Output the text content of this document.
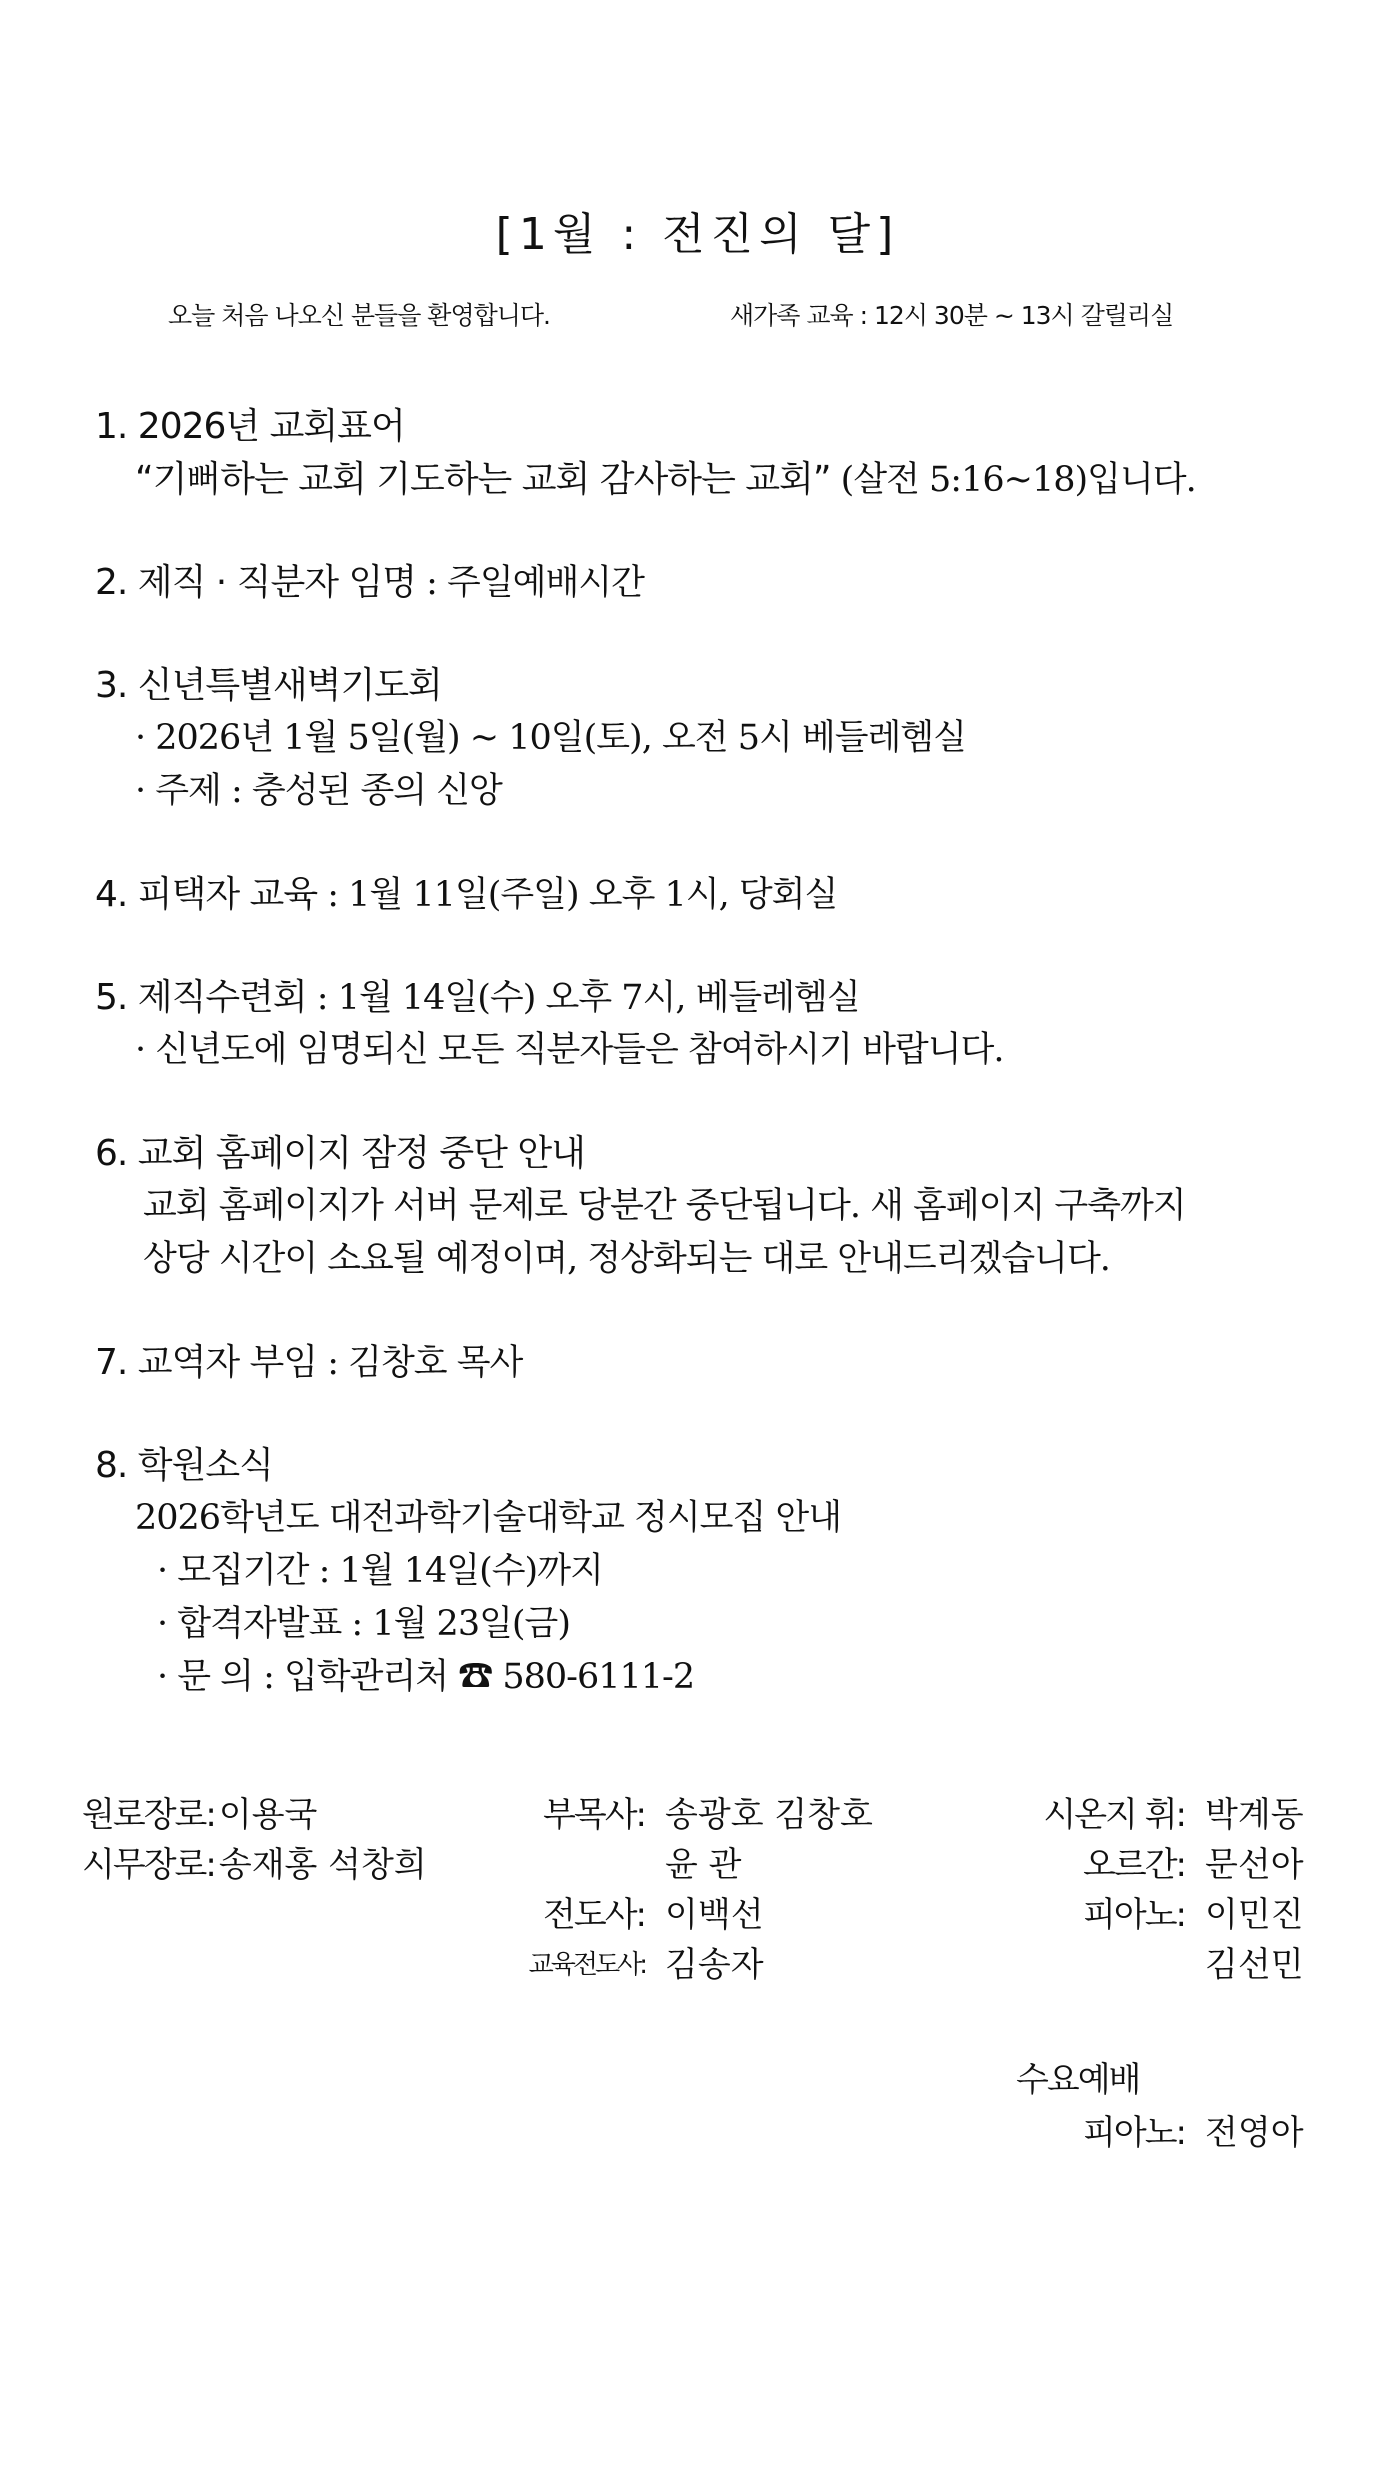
[1월 : 전진의 달]
오늘 처음 나오신 분들을 환영합니다.	새가족 교육 : 12시 30분 ~ 13시 갈릴리실
1. 2026년 교회표어
“기뻐하는 교회 기도하는 교회 감사하는 교회” (살전 5:16~18)입니다.
2. 제직 · 직분자 임명 : 주일예배시간
3. 신년특별새벽기도회
· 2026년 1월 5일(월) ~ 10일(토), 오전 5시 베들레헴실
· 주제 : 충성된 종의 신앙
4. 피택자 교육 : 1월 11일(주일) 오후 1시, 당회실
5. 제직수련회 : 1월 14일(수) 오후 7시, 베들레헴실
· 신년도에 임명되신 모든 직분자들은 참여하시기 바랍니다.
6. 교회 홈페이지 잠정 중단 안내
교회 홈페이지가 서버 문제로 당분간 중단됩니다. 새 홈페이지 구축까지
상당 시간이 소요될 예정이며, 정상화되는 대로 안내드리겠습니다.
7. 교역자 부임 : 김창호 목사
8. 학원소식
2026학년도 대전과학기술대학교 정시모집 안내
· 모집기간 : 1월 14일(수)까지
· 합격자발표 : 1월 23일(금)
· 문 의 : 입학관리처 ☎ 580-6111-2
원로장로: 이용국
시무장로: 송재홍 석창희
부목사: 송광호 김창호
윤 관
전도사: 이백선
교육전도사: 김송자
시온지 휘: 박계동
오르간: 문선아
피아노: 이민진
김선민
수요예배
피아노: 전영아
